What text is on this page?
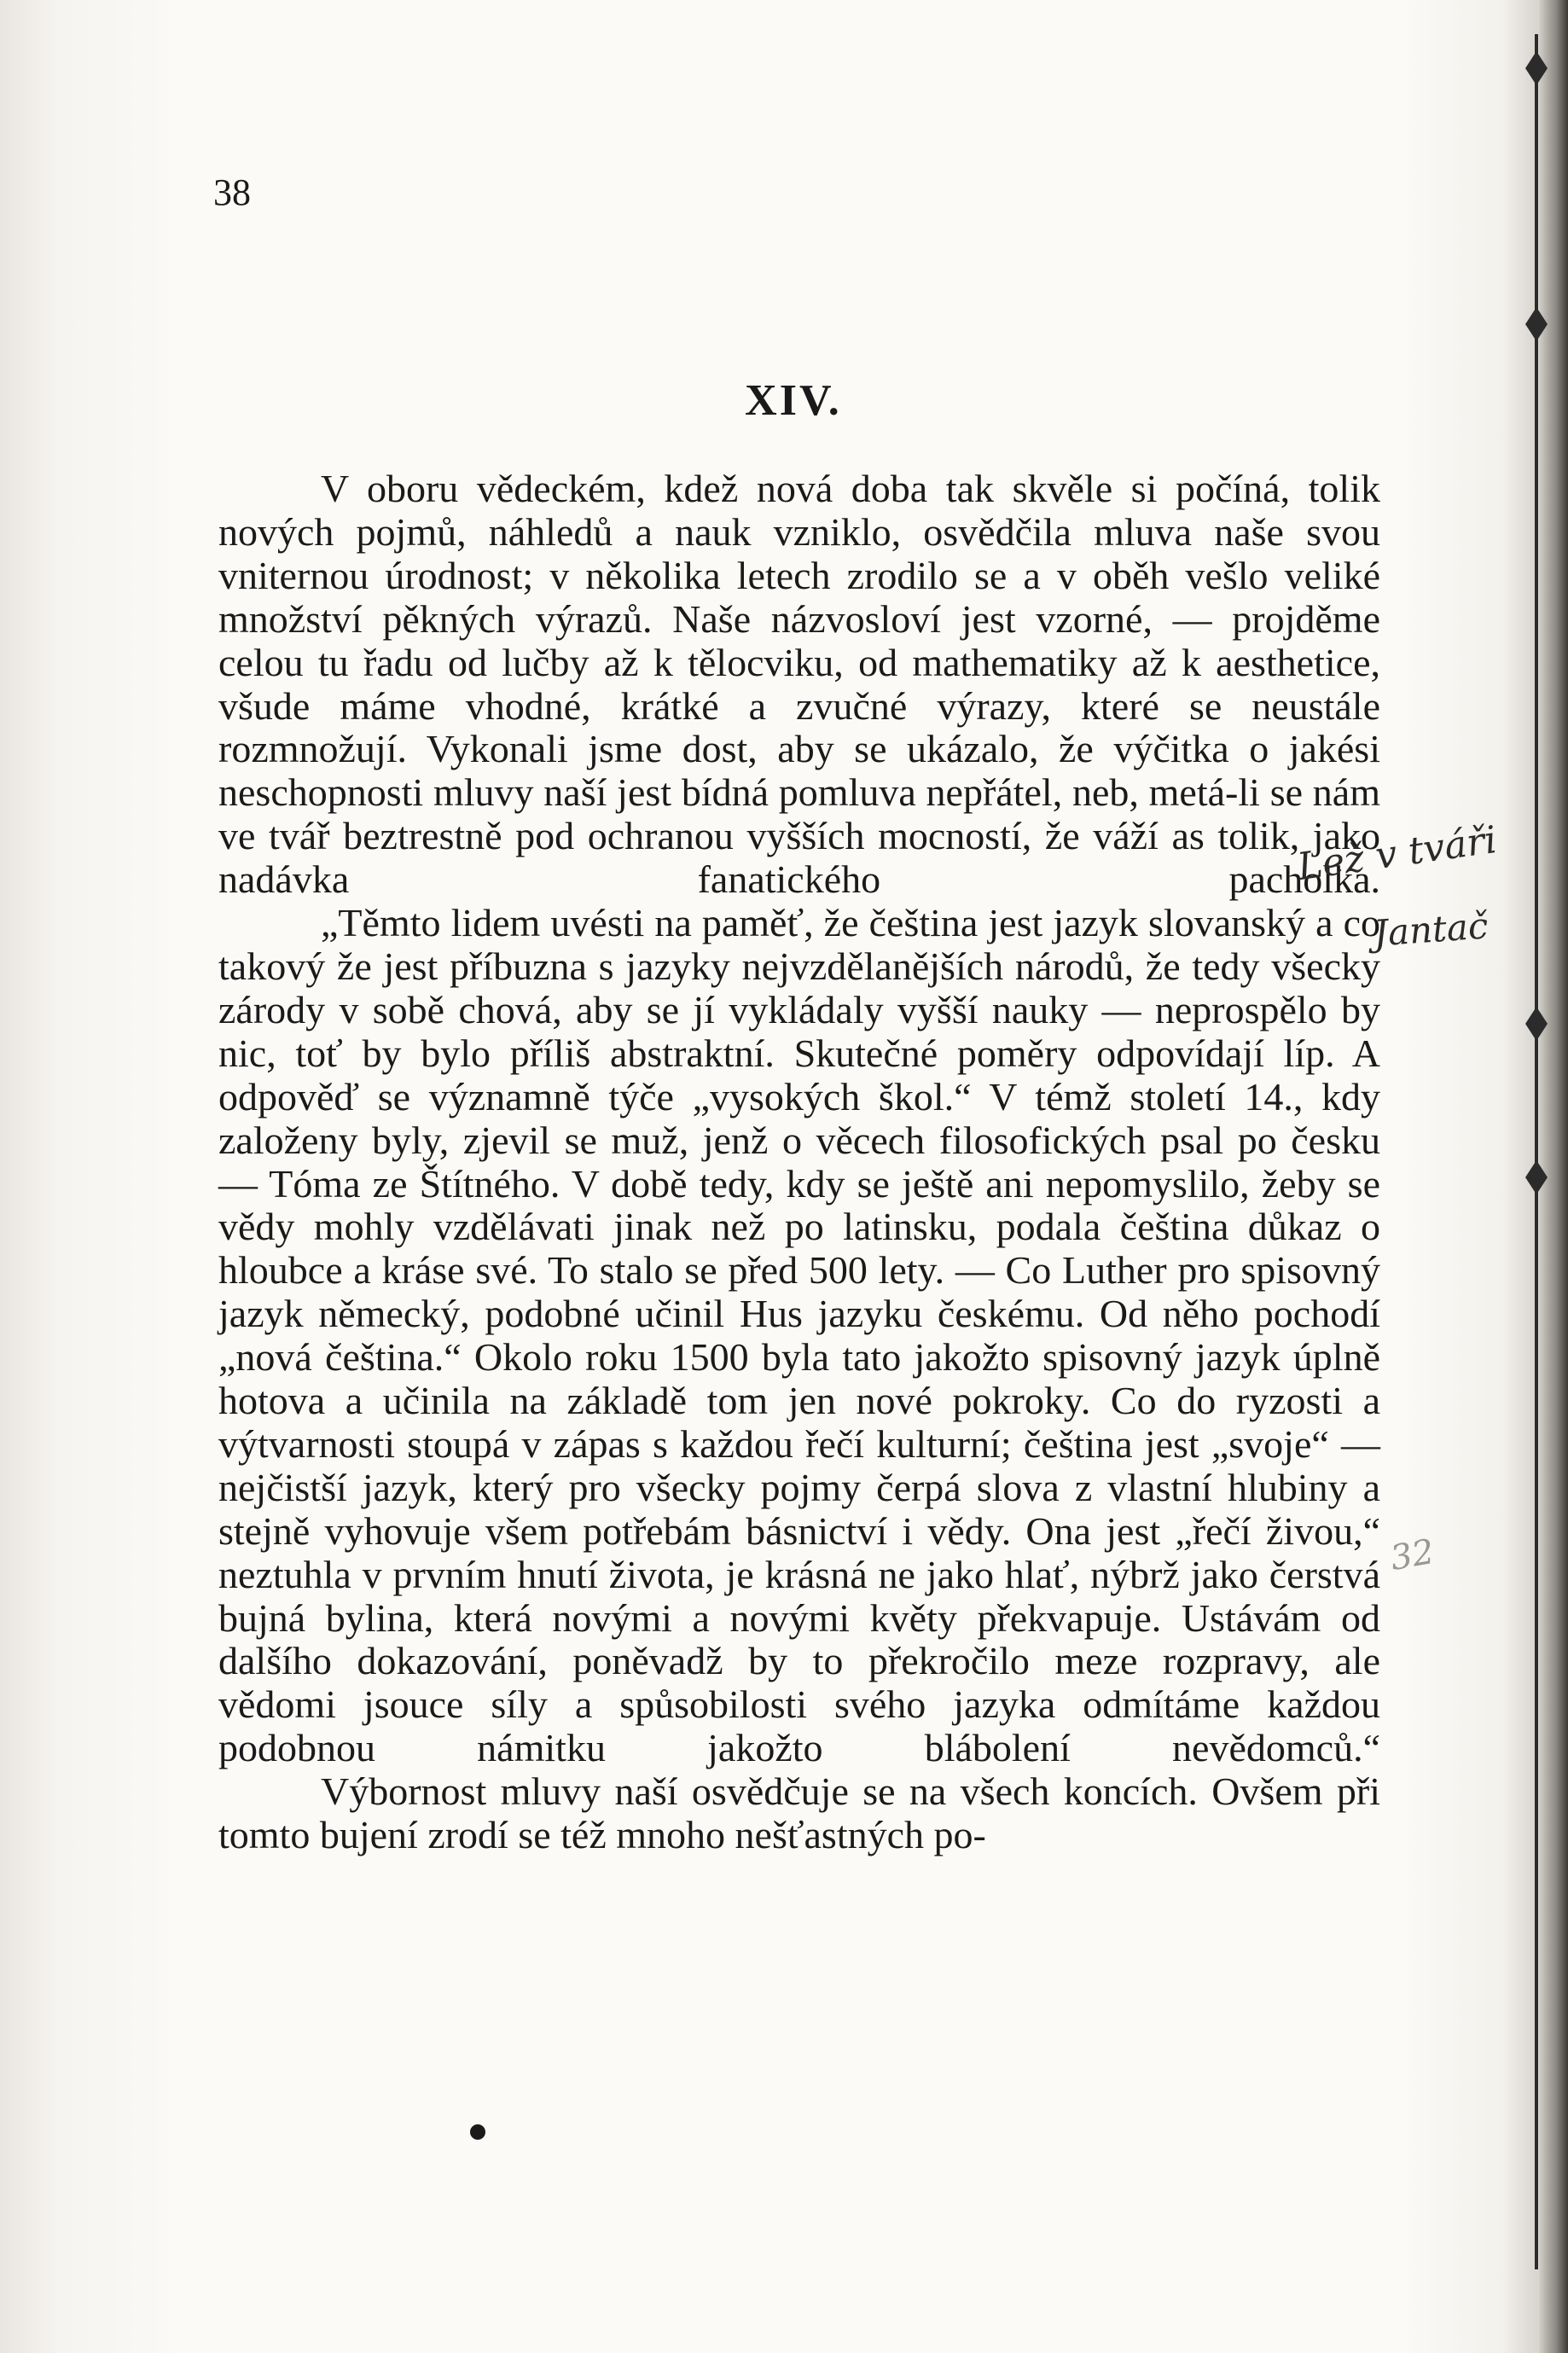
38
XIV.

V oboru vědeckém, kdež nová doba tak skvěle si počíná, tolik nových pojmů, náhledů a nauk vzniklo, osvědčila mluva naše svou vniternou úrodnost; v několika letech zrodilo se a v oběh vešlo veliké množství pěkných výrazů. Naše názvosloví jest vzorné, — projděme celou tu řadu od lučby až k tělocviku, od mathematiky až k aesthetice, všude máme vhodné, krátké a zvučné výrazy, které se neustále rozmnožují. Vykonali jsme dost, aby se ukázalo, že výčitka o jakési neschopnosti mluvy naší jest bídná pomluva nepřátel, neb, metá-li se nám ve tvář beztrestně pod ochranou vyšších mocností, že váží as tolik, jako nadávka fanatického pacholka.

„Těmto lidem uvésti na paměť, že čeština jest jazyk slovanský a co takový že jest příbuzna s jazyky nejvzdělanějších národů, že tedy všecky zárody v sobě chová, aby se jí vykládaly vyšší nauky — neprospělo by nic, toť by bylo příliš abstraktní. Skutečné poměry odpovídají líp. A odpověď se významně týče „vysokých škol.“ V témž století 14., kdy založeny byly, zjevil se muž, jenž o věcech filosofických psal po česku — Tóma ze Štítného. V době tedy, kdy se ještě ani nepomyslilo, žeby se vědy mohly vzdělávati jinak než po latinsku, podala čeština důkaz o hloubce a kráse své. To stalo se před 500 lety. — Co Luther pro spisovný jazyk německý, podobné učinil Hus jazyku českému. Od něho pochodí „nová čeština.“ Okolo roku 1500 byla tato jakožto spisovný jazyk úplně hotova a učinila na základě tom jen nové pokroky. Co do ryzosti a výtvarnosti stoupá v zápas s každou řečí kulturní; čeština jest „svoje“ — nejčistší jazyk, který pro všecky pojmy čerpá slova z vlastní hlubiny a stejně vyhovuje všem potřebám básnictví i vědy. Ona jest „řečí živou,“ neztuhla v prvním hnutí života, je krásná ne jako hlať, nýbrž jako čerstvá bujná bylina, která novými a novými květy překvapuje. Ustávám od dalšího dokazování, poněvadž by to překročilo meze rozpravy, ale vědomi jsouce síly a spůsobilosti svého jazyka odmítáme každou podobnou námitku jakožto blábolení nevědomců.“

Výbornost mluvy naší osvědčuje se na všech koncích. Ovšem při tomto bujení zrodí se též mnoho nešťastných po-

Lež v tváři
Jantač
32
